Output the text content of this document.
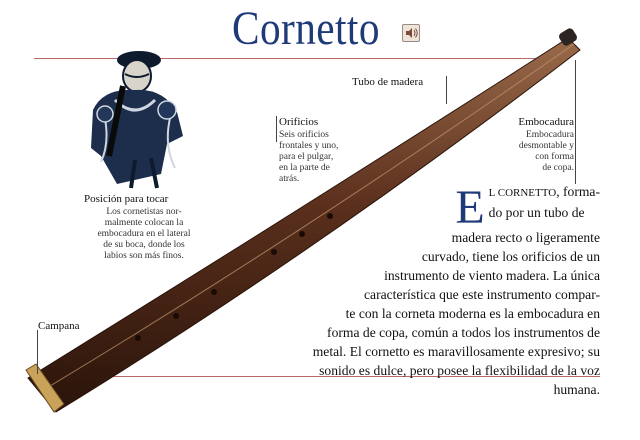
Cornetto
Posición para tocar
Los cornetistas nor-
malmente colocan la
embocadura en el lateral
de su boca, donde los
labios son más finos.
Orificios
Seis orificios
frontales y uno,
para el pulgar,
en la parte de
atrás.
Tubo de madera
Embocadura
Embocadura
desmontable y
con forma
de copa.
Campana
E L CORNETTO, forma-
do por un tubo de
madera recto o ligeramente
curvado, tiene los orificios de un
instrumento de viento madera. La única
característica que este instrumento compar-
te con la corneta moderna es la embocadura en
forma de copa, común a todos los instrumentos de
metal. El cornetto es maravillosamente expresivo; su
sonido es dulce, pero posee la flexibilidad de la voz humana.
